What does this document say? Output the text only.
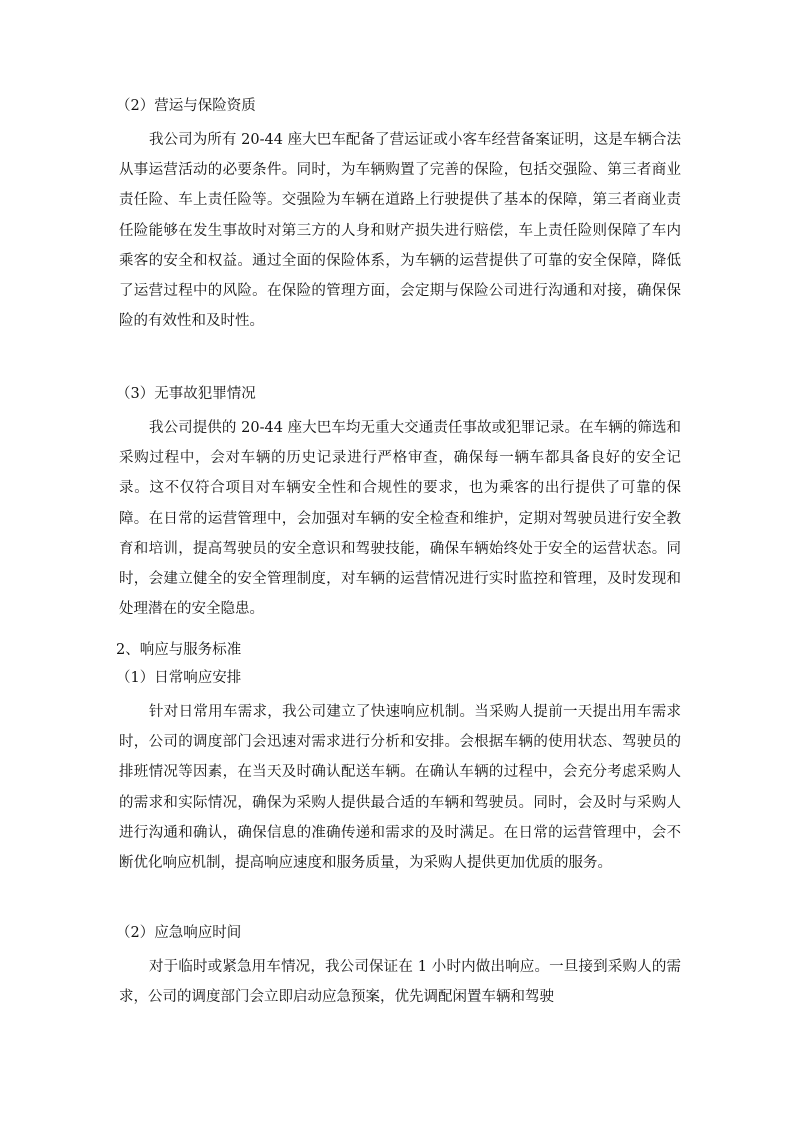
（2）营运与保险资质

我公司为所有 20-44 座大巴车配备了营运证或小客车经营备案证明，这是车辆合法从事运营活动的必要条件。同时，为车辆购置了完善的保险，包括交强险、第三者商业责任险、车上责任险等。交强险为车辆在道路上行驶提供了基本的保障，第三者商业责任险能够在发生事故时对第三方的人身和财产损失进行赔偿，车上责任险则保障了车内乘客的安全和权益。通过全面的保险体系，为车辆的运营提供了可靠的安全保障，降低了运营过程中的风险。在保险的管理方面，会定期与保险公司进行沟通和对接，确保保险的有效性和及时性。

（3）无事故犯罪情况

我公司提供的 20-44 座大巴车均无重大交通责任事故或犯罪记录。在车辆的筛选和采购过程中，会对车辆的历史记录进行严格审查，确保每一辆车都具备良好的安全记录。这不仅符合项目对车辆安全性和合规性的要求，也为乘客的出行提供了可靠的保障。在日常的运营管理中，会加强对车辆的安全检查和维护，定期对驾驶员进行安全教育和培训，提高驾驶员的安全意识和驾驶技能，确保车辆始终处于安全的运营状态。同时，会建立健全的安全管理制度，对车辆的运营情况进行实时监控和管理，及时发现和处理潜在的安全隐患。

2、响应与服务标准
（1）日常响应安排

针对日常用车需求，我公司建立了快速响应机制。当采购人提前一天提出用车需求时，公司的调度部门会迅速对需求进行分析和安排。会根据车辆的使用状态、驾驶员的排班情况等因素，在当天及时确认配送车辆。在确认车辆的过程中，会充分考虑采购人的需求和实际情况，确保为采购人提供最合适的车辆和驾驶员。同时，会及时与采购人进行沟通和确认，确保信息的准确传递和需求的及时满足。在日常的运营管理中，会不断优化响应机制，提高响应速度和服务质量，为采购人提供更加优质的服务。

（2）应急响应时间

对于临时或紧急用车情况，我公司保证在 1 小时内做出响应。一旦接到采购人的需求，公司的调度部门会立即启动应急预案，优先调配闲置车辆和驾驶
